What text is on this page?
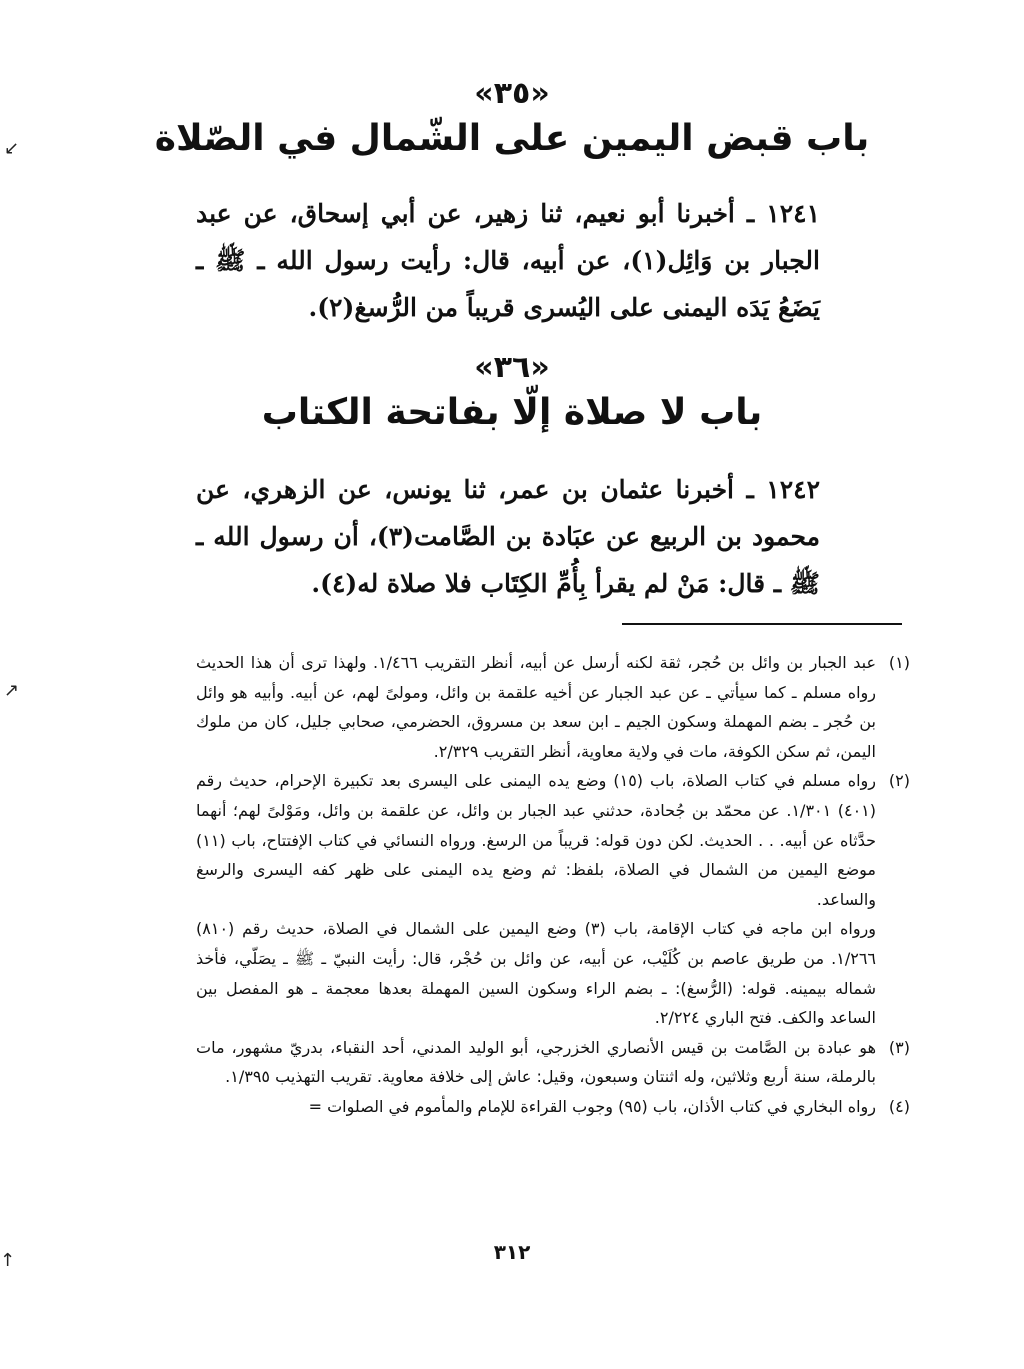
«٣٥»
باب قبض اليمين على الشّمال في الصّلاة
١٢٤١ ـ أخبرنا أبو نعيم، ثنا زهير، عن أبي إسحاق، عن عبد الجبار بن وَائِل(١)، عن أبيه، قال: رأيت رسول الله ـ ﷺ ـ يَضَعُ يَدَه اليمنى على اليُسرى قريباً من الرُّسغ(٢).
«٣٦»
باب لا صلاة إلّا بفاتحة الكتاب
١٢٤٢ ـ أخبرنا عثمان بن عمر، ثنا يونس، عن الزهري، عن محمود بن الربيع عن عبَادة بن الصَّامت(٣)، أن رسول الله ـ ﷺ ـ قال: مَنْ لم يقرأ بِأُمِّ الكِتَاب فلا صلاة له(٤).
(١)
عبد الجبار بن وائل بن حُجر، ثقة لكنه أرسل عن أبيه، أنظر التقريب ١/٤٦٦. ولهذا ترى أن هذا الحديث رواه مسلم ـ كما سيأتي ـ عن عبد الجبار عن أخيه علقمة بن وائل، ومولىً لهم، عن أبيه. وأبيه هو وائل بن حُجر ـ بضم المهملة وسكون الجيم ـ ابن سعد بن مسروق، الحضرمي، صحابي جليل، كان من ملوك اليمن، ثم سكن الكوفة، مات في ولاية معاوية، أنظر التقريب ٢/٣٢٩.
(٢)
رواه مسلم في كتاب الصلاة، باب (١٥) وضع يده اليمنى على اليسرى بعد تكبيرة الإحرام، حديث رقم (٤٠١) ١/٣٠١. عن محمّد بن جُحادة، حدثني عبد الجبار بن وائل، عن علقمة بن وائل، ومَوْلىً لهم؛ أنهما حدَّثاه عن أبيه. . . الحديث. لكن دون قوله: قريباً من الرسغ. ورواه النسائي في كتاب الإفتتاح، باب (١١) موضع اليمين من الشمال في الصلاة، بلفظ: ثم وضع يده اليمنى على ظهر كفه اليسرى والرسغ والساعد.
ورواه ابن ماجه في كتاب الإقامة، باب (٣) وضع اليمين على الشمال في الصلاة، حديث رقم (٨١٠) ١/٢٦٦. من طريق عاصم بن كُلَيْب، عن أبيه، عن وائل بن حُجْر، قال: رأيت النبيّ ـ ﷺ ـ يصَلّي، فأخذ شماله بيمينه. قوله: (الرُّسغ): ـ بضم الراء وسكون السين المهملة بعدها معجمة ـ هو المفصل بين الساعد والكف. فتح الباري ٢/٢٢٤.
(٣)
هو عبادة بن الصَّامت بن قيس الأنصاري الخزرجي، أبو الوليد المدني، أحد النقباء، بدريّ مشهور، مات بالرملة، سنة أربع وثلاثين، وله اثنتان وسبعون، وقيل: عاش إلى خلافة معاوية. تقريب التهذيب ١/٣٩٥.
(٤)
رواه البخاري في كتاب الأذان، باب (٩٥) وجوب القراءة للإمام والمأموم في الصلوات =
٣١٢
↙
↗
↑
